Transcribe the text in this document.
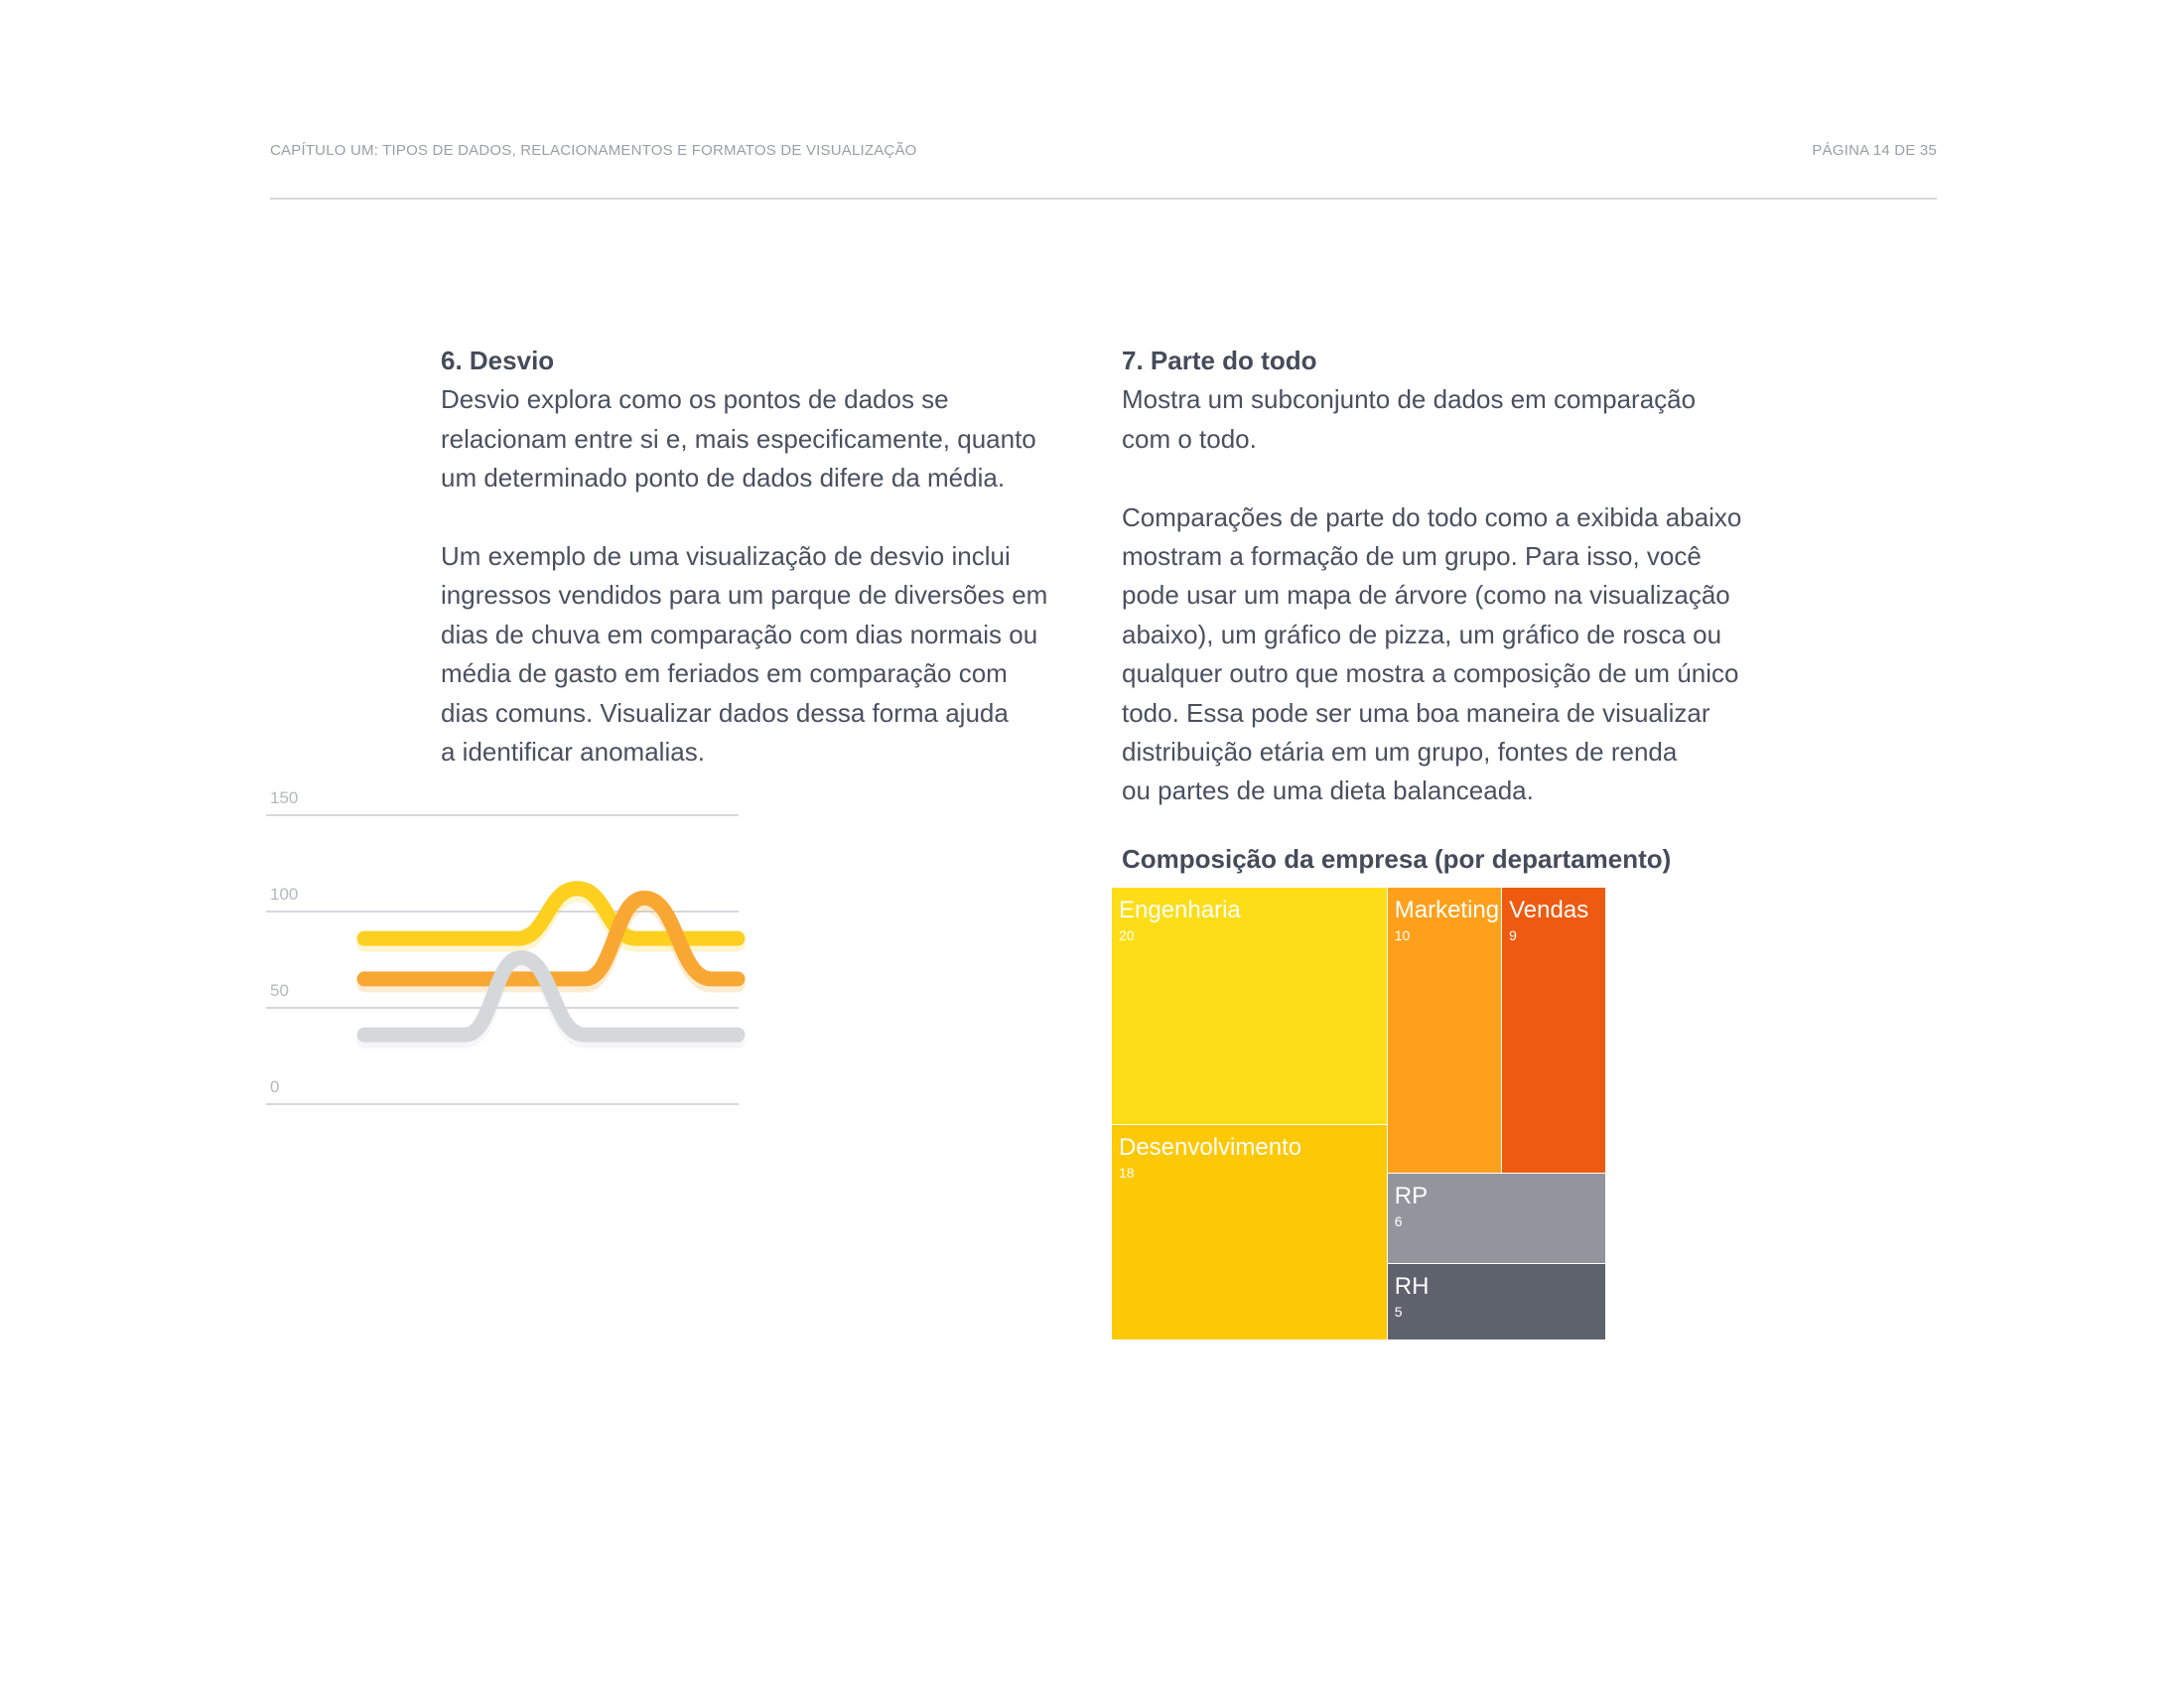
CAPÍTULO UM: TIPOS DE DADOS, RELACIONAMENTOS E FORMATOS DE VISUALIZAÇÃO	PÁGINA 14 DE 35
6. Desvio
Desvio explora como os pontos de dados se
relacionam entre si e, mais especificamente, quanto
um determinado ponto de dados difere da média.
Um exemplo de uma visualização de desvio inclui
ingressos vendidos para um parque de diversões em
dias de chuva em comparação com dias normais ou
média de gasto em feriados em comparação com
dias comuns. Visualizar dados dessa forma ajuda
a identificar anomalias.
7. Parte do todo
Mostra um subconjunto de dados em comparação
com o todo.
Comparações de parte do todo como a exibida abaixo
mostram a formação de um grupo. Para isso, você
pode usar um mapa de árvore (como na visualização
abaixo), um gráfico de pizza, um gráfico de rosca ou
qualquer outro que mostra a composição de um único
todo. Essa pode ser uma boa maneira de visualizar
distribuição etária em um grupo, fontes de renda
ou partes de uma dieta balanceada.
0
50
100
150
Composição da empresa (por departamento)
Engenharia
20
Desenvolvimento
18
Marketing
10
Vendas
9
RP
6
RH
5
